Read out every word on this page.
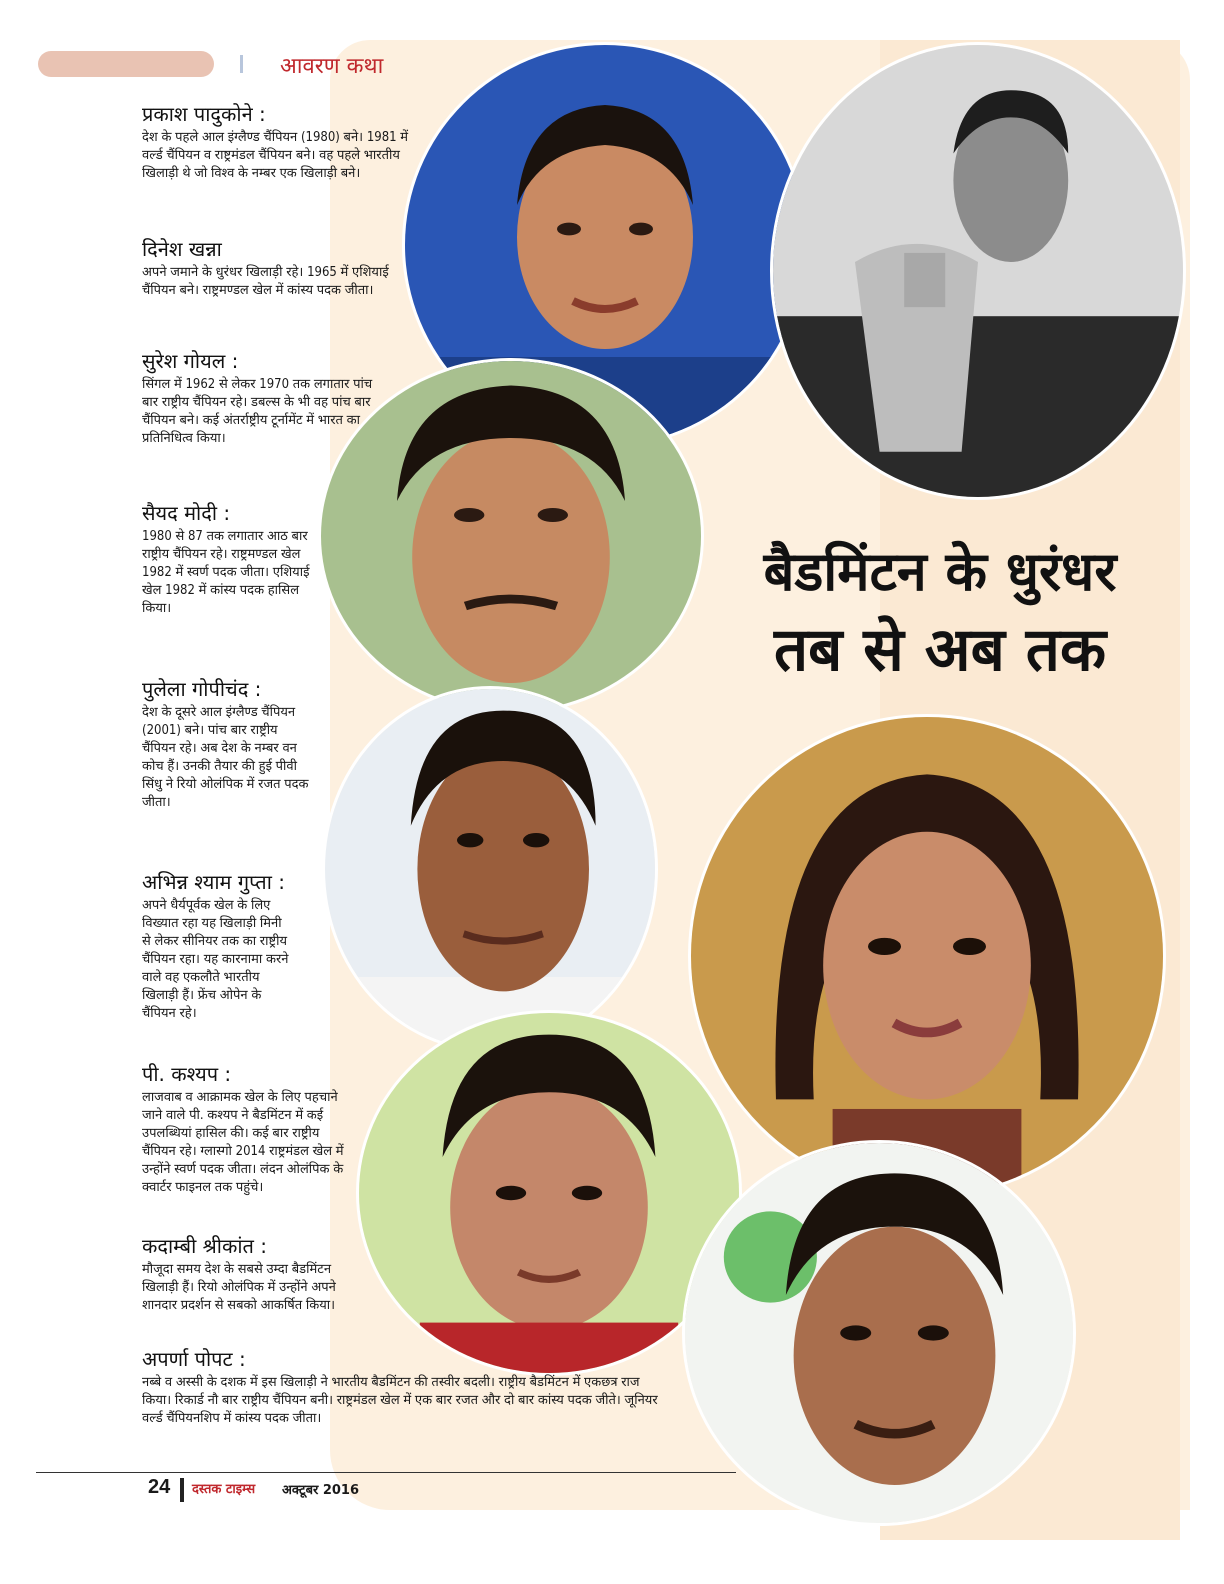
आवरण कथा
बैडमिंटन के धुरंधर
तब से अब तक
प्रकाश पादुकोने :

देश के पहले आल इंग्लैण्ड चैंपियन (1980) बने। 1981 में वर्ल्ड चैंपियन व राष्ट्रमंडल चैंपियन बने। वह पहले भारतीय खिलाड़ी थे जो विश्व के नम्बर एक खिलाड़ी बने।

दिनेश खन्ना

अपने जमाने के धुरंधर खिलाड़ी रहे। 1965 में एशियाई चैंपियन बने। राष्ट्रमण्डल खेल में कांस्य पदक जीता।

सुरेश गोयल :

सिंगल में 1962 से लेकर 1970 तक लगातार पांच बार राष्ट्रीय चैंपियन रहे। डबल्स के भी वह पांच बार चैंपियन बने। कई अंतर्राष्ट्रीय टूर्नामेंट में भारत का प्रतिनिधित्व किया।

सैयद मोदी :

1980 से 87 तक लगातार आठ बार राष्ट्रीय चैंपियन रहे। राष्ट्रमण्डल खेल 1982 में स्वर्ण पदक जीता। एशियाई खेल 1982 में कांस्य पदक हासिल किया।

पुलेला गोपीचंद :

देश के दूसरे आल इंग्लैण्ड चैंपियन (2001) बने। पांच बार राष्ट्रीय चैंपियन रहे। अब देश के नम्बर वन कोच हैं। उनकी तैयार की हुई पीवी सिंधु ने रियो ओलंपिक में रजत पदक जीता।

अभिन्न श्याम गुप्ता :

अपने धैर्यपूर्वक खेल के लिए विख्यात रहा यह खिलाड़ी मिनी से लेकर सीनियर तक का राष्ट्रीय चैंपियन रहा। यह कारनामा करने वाले वह एकलौते भारतीय खिलाड़ी हैं। फ्रेंच ओपेन के चैंपियन रहे।

पी. कश्यप :

लाजवाब व आक्रामक खेल के लिए पहचाने जाने वाले पी. कश्यप ने बैडमिंटन में कई उपलब्धियां हासिल की। कई बार राष्ट्रीय चैंपियन रहे। ग्लास्गो 2014 राष्ट्रमंडल खेल में उन्होंने स्वर्ण पदक जीता। लंदन ओलंपिक के क्वार्टर फाइनल तक पहुंचे।

कदाम्बी श्रीकांत :

मौजूदा समय देश के सबसे उम्दा बैडमिंटन खिलाड़ी हैं। रियो ओलंपिक में उन्होंने अपने शानदार प्रदर्शन से सबको आकर्षित किया।

अपर्णा पोपट :

नब्बे व अस्सी के दशक में इस खिलाड़ी ने भारतीय बैडमिंटन की तस्वीर बदली। राष्ट्रीय बैडमिंटन में एकछत्र राज किया। रिकार्ड नौ बार राष्ट्रीय चैंपियन बनी। राष्ट्रमंडल खेल में एक बार रजत और दो बार कांस्य पदक जीते। जूनियर वर्ल्ड चैंपियनशिप में कांस्य पदक जीता।

24 दस्तक टाइम्स अक्टूबर 2016
